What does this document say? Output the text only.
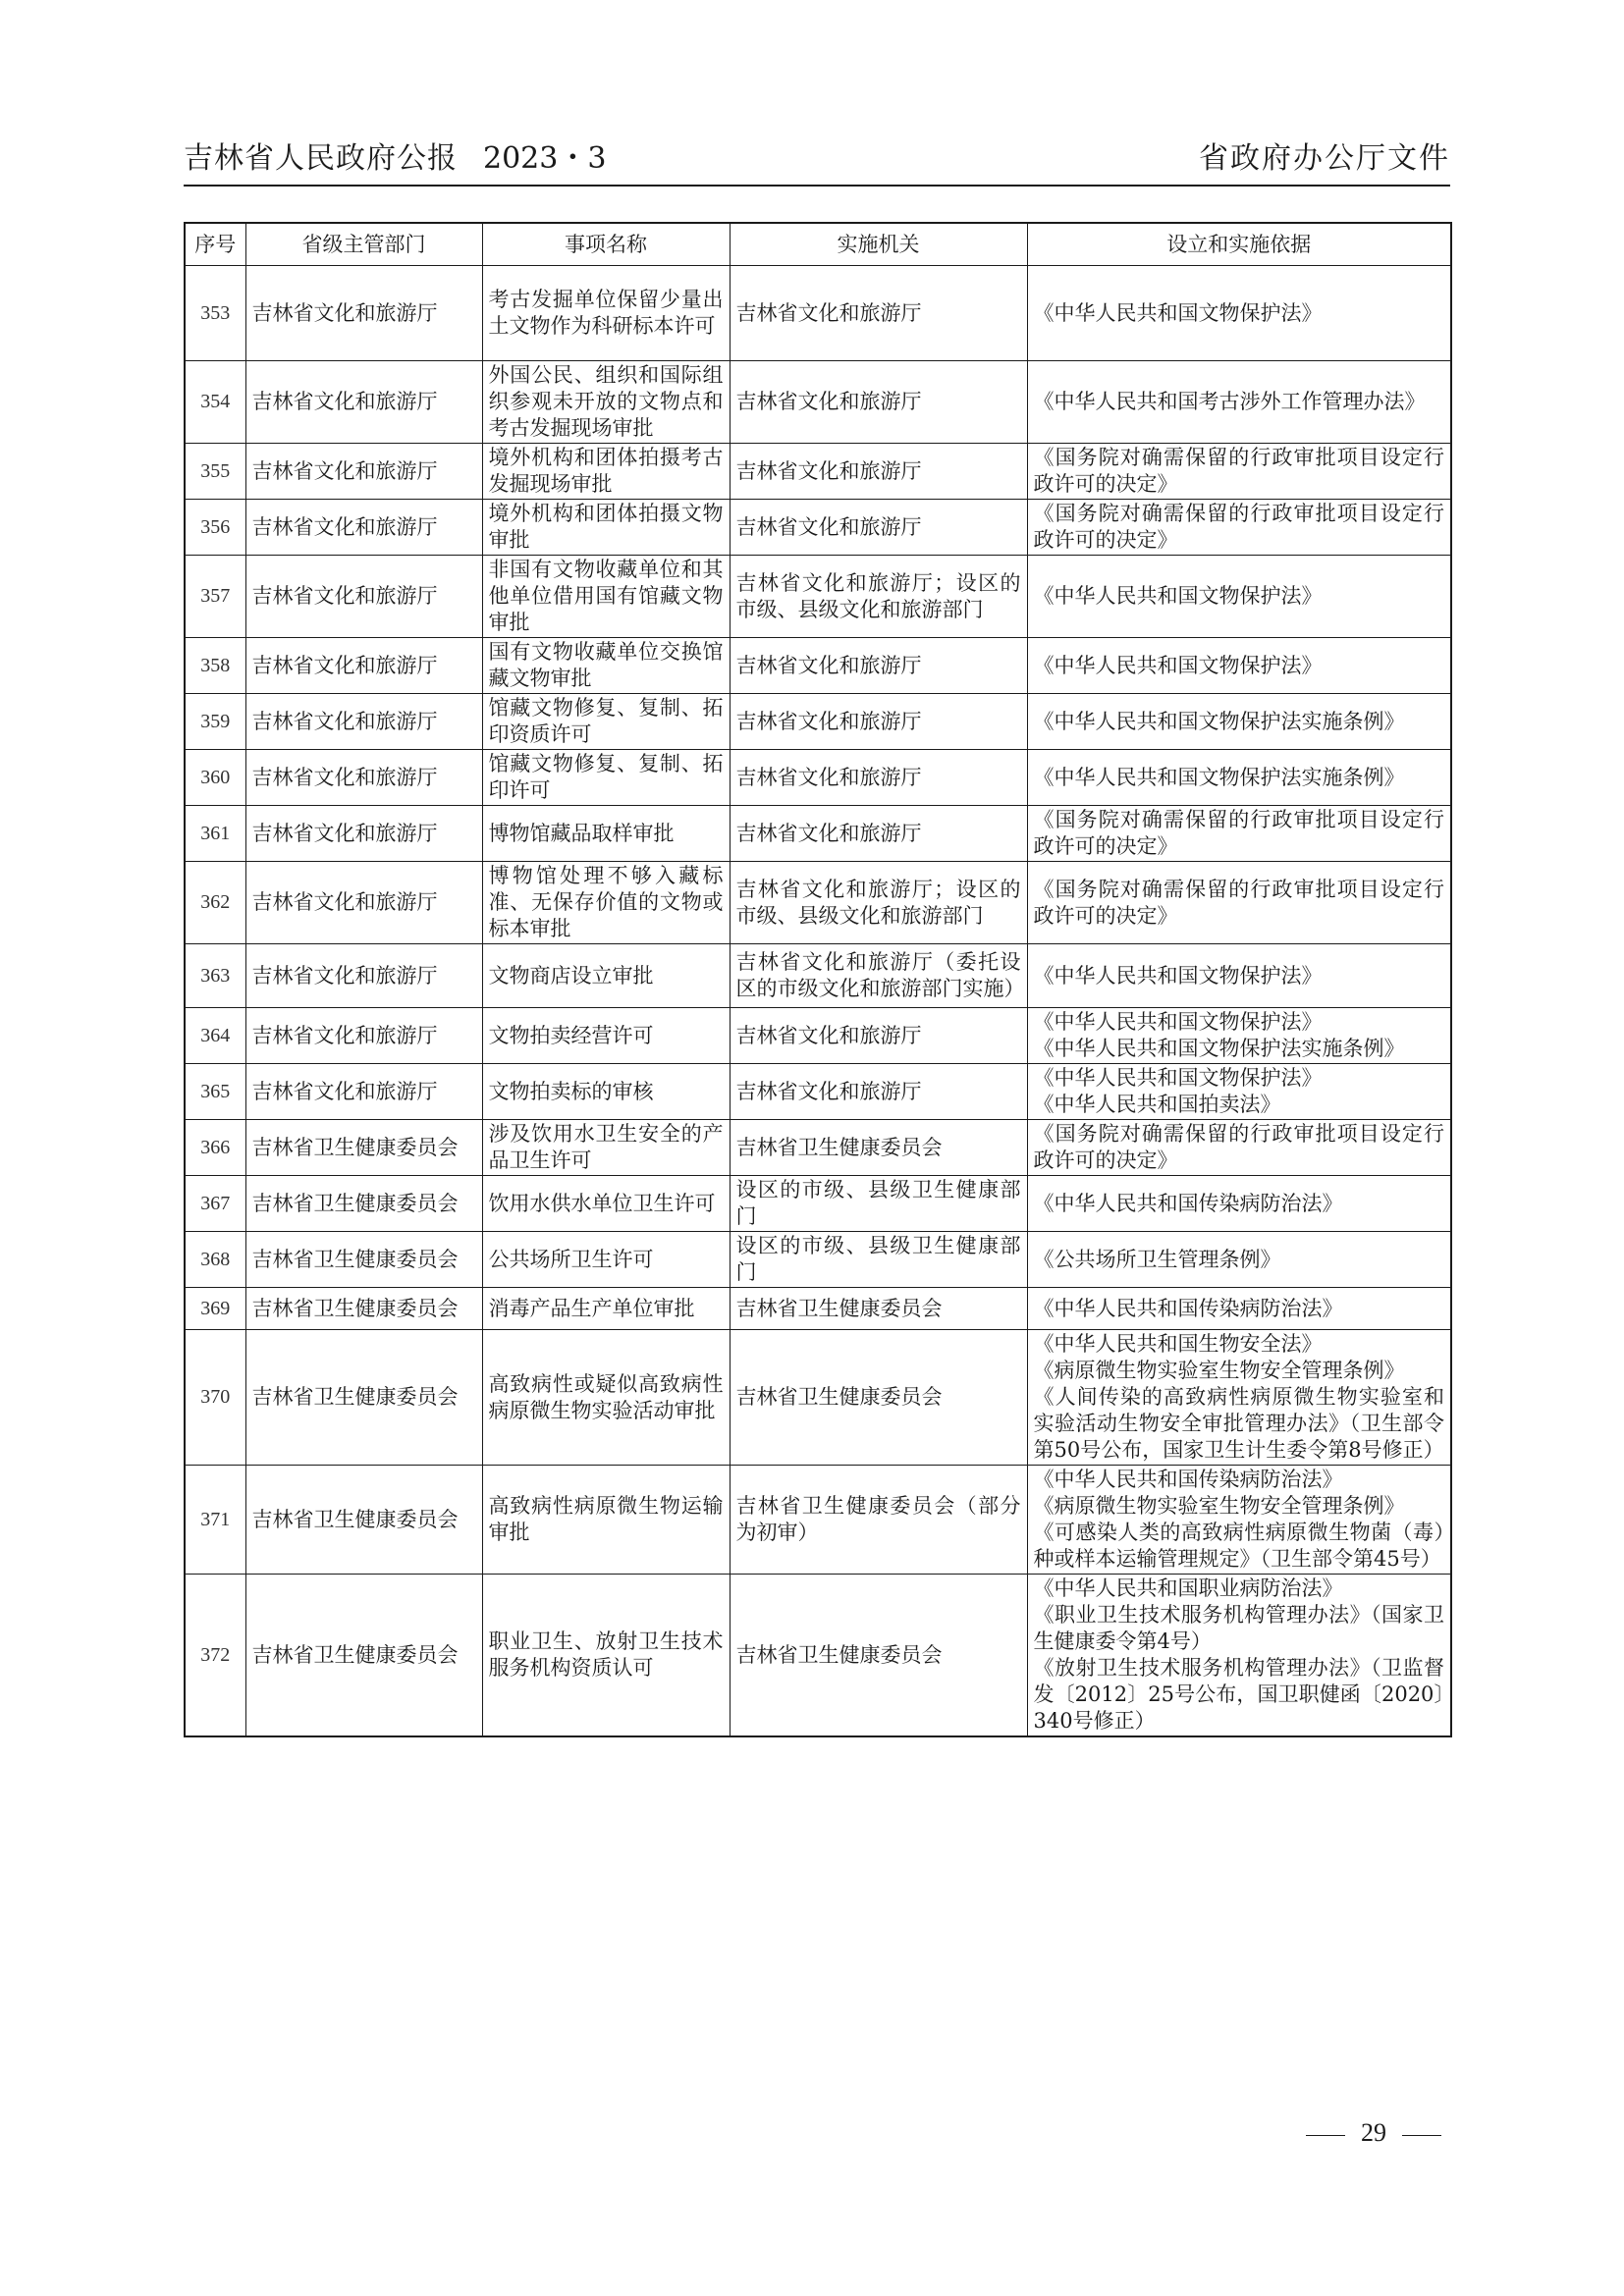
吉林省人民政府公报 2023・3	省政府办公厅文件
序号	省级主管部门	事项名称	实施机关	设立和实施依据
353	吉林省文化和旅游厅	考古发掘单位保留少量出土文物作为科研标本许可	吉林省文化和旅游厅	《中华人民共和国文物保护法》

354	吉林省文化和旅游厅	外国公民、组织和国际组织参观未开放的文物点和考古发掘现场审批	吉林省文化和旅游厅	《中华人民共和国考古涉外工作管理办法》

355	吉林省文化和旅游厅	境外机构和团体拍摄考古发掘现场审批	吉林省文化和旅游厅	《国务院对确需保留的行政审批项目设定行政许可的决定》

356	吉林省文化和旅游厅	境外机构和团体拍摄文物审批	吉林省文化和旅游厅	《国务院对确需保留的行政审批项目设定行政许可的决定》

357	吉林省文化和旅游厅	非国有文物收藏单位和其他单位借用国有馆藏文物审批	吉林省文化和旅游厅；设区的市级、县级文化和旅游部门	《中华人民共和国文物保护法》

358	吉林省文化和旅游厅	国有文物收藏单位交换馆藏文物审批	吉林省文化和旅游厅	《中华人民共和国文物保护法》

359	吉林省文化和旅游厅	馆藏文物修复、复制、拓印资质许可	吉林省文化和旅游厅	《中华人民共和国文物保护法实施条例》

360	吉林省文化和旅游厅	馆藏文物修复、复制、拓印许可	吉林省文化和旅游厅	《中华人民共和国文物保护法实施条例》

361	吉林省文化和旅游厅	博物馆藏品取样审批	吉林省文化和旅游厅	《国务院对确需保留的行政审批项目设定行政许可的决定》

362	吉林省文化和旅游厅	博物馆处理不够入藏标准、无保存价值的文物或标本审批	吉林省文化和旅游厅；设区的市级、县级文化和旅游部门	《国务院对确需保留的行政审批项目设定行政许可的决定》

363	吉林省文化和旅游厅	文物商店设立审批	吉林省文化和旅游厅（委托设区的市级文化和旅游部门实施）	《中华人民共和国文物保护法》

364	吉林省文化和旅游厅	文物拍卖经营许可	吉林省文化和旅游厅	《中华人民共和国文物保护法》
《中华人民共和国文物保护法实施条例》

365	吉林省文化和旅游厅	文物拍卖标的审核	吉林省文化和旅游厅	《中华人民共和国文物保护法》
《中华人民共和国拍卖法》

366	吉林省卫生健康委员会	涉及饮用水卫生安全的产品卫生许可	吉林省卫生健康委员会	《国务院对确需保留的行政审批项目设定行政许可的决定》

367	吉林省卫生健康委员会	饮用水供水单位卫生许可	设区的市级、县级卫生健康部门	《中华人民共和国传染病防治法》

368	吉林省卫生健康委员会	公共场所卫生许可	设区的市级、县级卫生健康部门	《公共场所卫生管理条例》

369	吉林省卫生健康委员会	消毒产品生产单位审批	吉林省卫生健康委员会	《中华人民共和国传染病防治法》

370	吉林省卫生健康委员会	高致病性或疑似高致病性病原微生物实验活动审批	吉林省卫生健康委员会	《中华人民共和国生物安全法》
《病原微生物实验室生物安全管理条例》
《人间传染的高致病性病原微生物实验室和实验活动生物安全审批管理办法》（卫生部令第50号公布，国家卫生计生委令第8号修正）

371	吉林省卫生健康委员会	高致病性病原微生物运输审批	吉林省卫生健康委员会（部分为初审）	《中华人民共和国传染病防治法》
《病原微生物实验室生物安全管理条例》
《可感染人类的高致病性病原微生物菌（毒）种或样本运输管理规定》（卫生部令第45号）

372	吉林省卫生健康委员会	职业卫生、放射卫生技术服务机构资质认可	吉林省卫生健康委员会	《中华人民共和国职业病防治法》
《职业卫生技术服务机构管理办法》（国家卫生健康委令第4号）
《放射卫生技术服务机构管理办法》（卫监督发〔2012〕25号公布，国卫职健函〔2020〕340号修正）
29
